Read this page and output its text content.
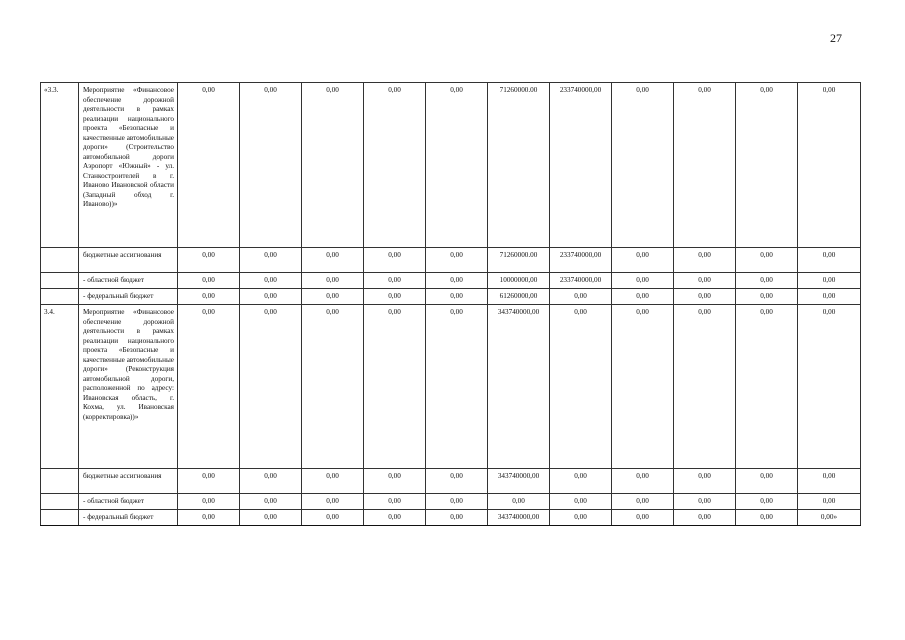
27
«3.3.	Мероприятие «Финансовое обеспечение дорожной деятельности в рамках реализации национального проекта «Безопасные и качественные автомобильные дороги» (Строительство автомобильной дороги Аэропорт «Южный» - ул. Станкостроителей в г. Иваново Ивановской области (Западный обход г. Иваново))»	0,00	0,00	0,00	0,00	0,00	71260000.00	233740000,00	0,00	0,00	0,00	0,00
	бюджетные ассигнования	0,00	0,00	0,00	0,00	0,00	71260000.00	233740000,00	0,00	0,00	0,00	0,00
	- областной бюджет	0,00	0,00	0,00	0,00	0,00	10000000,00	233740000,00	0,00	0,00	0,00	0,00
	- федеральный бюджет	0,00	0,00	0,00	0,00	0,00	61260000,00	0,00	0,00	0,00	0,00	0,00
3.4.	Мероприятие «Финансовое обеспечение дорожной деятельности в рамках реализации национального проекта «Безопасные и качественные автомобильные дороги» (Реконструкция автомобильной дороги, расположенной по адресу: Ивановская область, г. Кохма, ул. Ивановская (корректировка))»	0,00	0,00	0,00	0,00	0,00	343740000,00	0,00	0,00	0,00	0,00	0,00
	бюджетные ассигнования	0,00	0,00	0,00	0,00	0,00	343740000,00	0,00	0,00	0,00	0,00	0,00
	- областной бюджет	0,00	0,00	0,00	0,00	0,00	0,00	0,00	0,00	0,00	0,00	0,00
	- федеральный бюджет	0,00	0,00	0,00	0,00	0,00	343740000,00	0,00	0,00	0,00	0,00	0,00»
